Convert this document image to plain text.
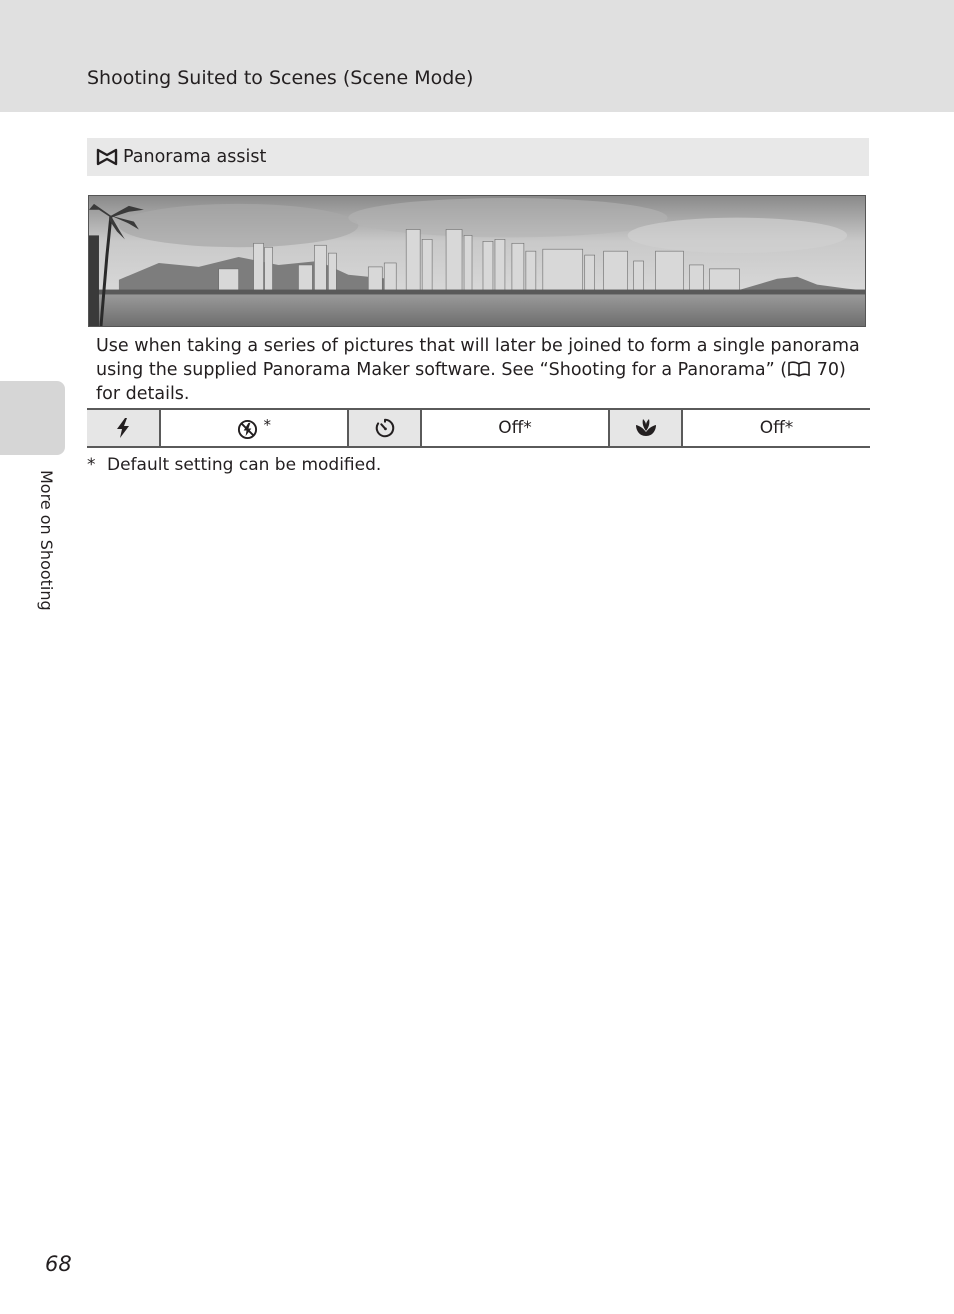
Shooting Suited to Scenes (Scene Mode)
More on Shooting
Panorama assist
Use when taking a series of pictures that will later be joined to form a single panorama using the supplied Panorama Maker software. See “Shooting for a Panorama” ( 70) for details.
	*		Off*		Off*
* Default setting can be modified.
68
